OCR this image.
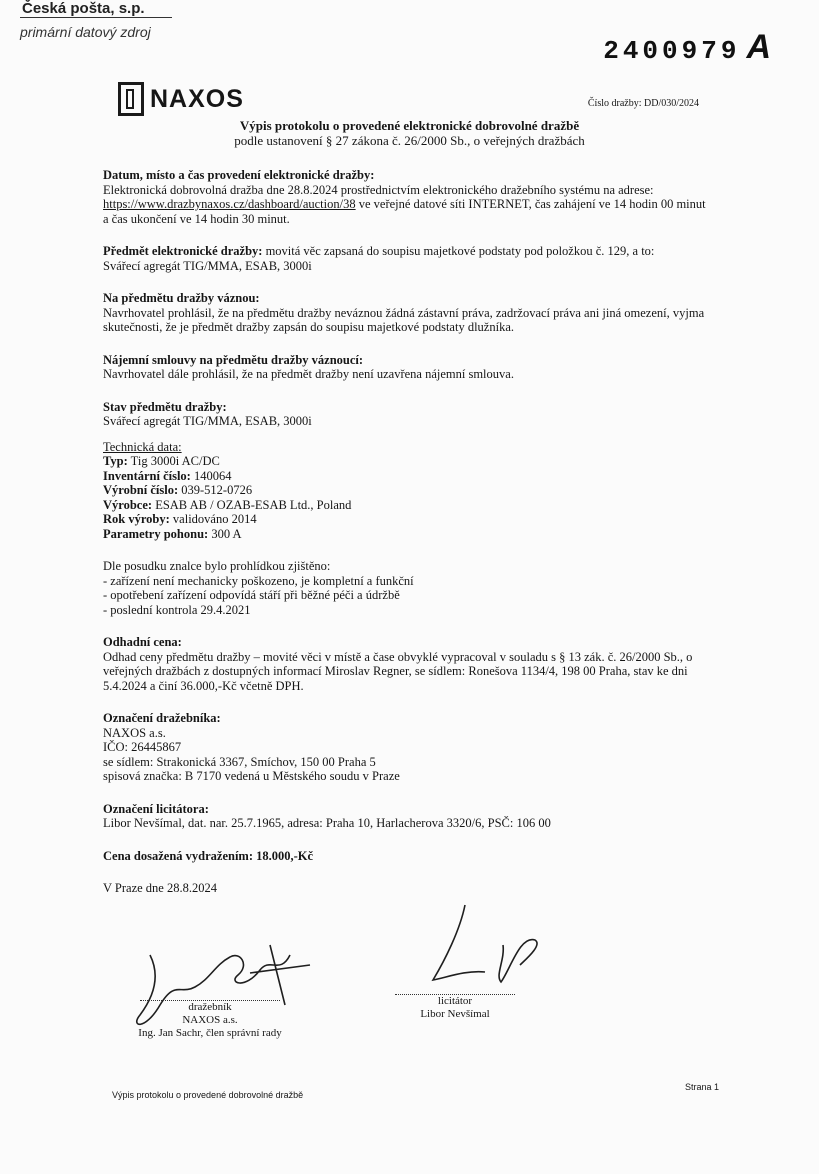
Česká pošta, s.p.
primární datový zdroj
2400979 A
NAXOS	Číslo dražby: DD/030/2024
Výpis protokolu o provedené elektronické dobrovolné dražbě
podle ustanovení § 27 zákona č. 26/2000 Sb., o veřejných dražbách
Datum, místo a čas provedení elektronické dražby:
Elektronická dobrovolná dražba dne 28.8.2024 prostřednictvím elektronického dražebního systému na adrese: https://www.drazbynaxos.cz/dashboard/auction/38 ve veřejné datové síti INTERNET, čas zahájení ve 14 hodin 00 minut a čas ukončení ve 14 hodin 30 minut.
Předmět elektronické dražby: movitá věc zapsaná do soupisu majetkové podstaty pod položkou č. 129, a to:
Svářecí agregát TIG/MMA, ESAB, 3000i
Na předmětu dražby váznou:
Navrhovatel prohlásil, že na předmětu dražby neváznou žádná zástavní práva, zadržovací práva ani jiná omezení, vyjma skutečnosti, že je předmět dražby zapsán do soupisu majetkové podstaty dlužníka.
Nájemní smlouvy na předmětu dražby váznoucí:
Navrhovatel dále prohlásil, že na předmět dražby není uzavřena nájemní smlouva.
Stav předmětu dražby:
Svářecí agregát TIG/MMA, ESAB, 3000i
Technická data:
Typ: Tig 3000i AC/DC
Inventární číslo: 140064
Výrobní číslo: 039-512-0726
Výrobce: ESAB AB / OZAB-ESAB Ltd., Poland
Rok výroby: validováno 2014
Parametry pohonu: 300 A
Dle posudku znalce bylo prohlídkou zjištěno:
- zařízení není mechanicky poškozeno, je kompletní a funkční
- opotřebení zařízení odpovídá stáří při běžné péči a údržbě
- poslední kontrola 29.4.2021
Odhadní cena:
Odhad ceny předmětu dražby – movité věci v místě a čase obvyklé vypracoval v souladu s § 13 zák. č. 26/2000 Sb., o veřejných dražbách z dostupných informací Miroslav Regner, se sídlem: Ronešova 1134/4, 198 00 Praha, stav ke dni 5.4.2024 a činí 36.000,-Kč včetně DPH.
Označení dražebníka:
NAXOS a.s.
IČO: 26445867
se sídlem: Strakonická 3367, Smíchov, 150 00 Praha 5
spisová značka: B 7170 vedená u Městského soudu v Praze
Označení licitátora:
Libor Nevšímal, dat. nar. 25.7.1965, adresa: Praha 10, Harlacherova 3320/6, PSČ: 106 00
Cena dosažená vydražením: 18.000,-Kč
V Praze dne 28.8.2024
dražebník
NAXOS a.s.
Ing. Jan Sachr, člen správní rady
licitátor
Libor Nevšímal
Výpis protokolu o provedené dobrovolné dražbě
Strana 1
